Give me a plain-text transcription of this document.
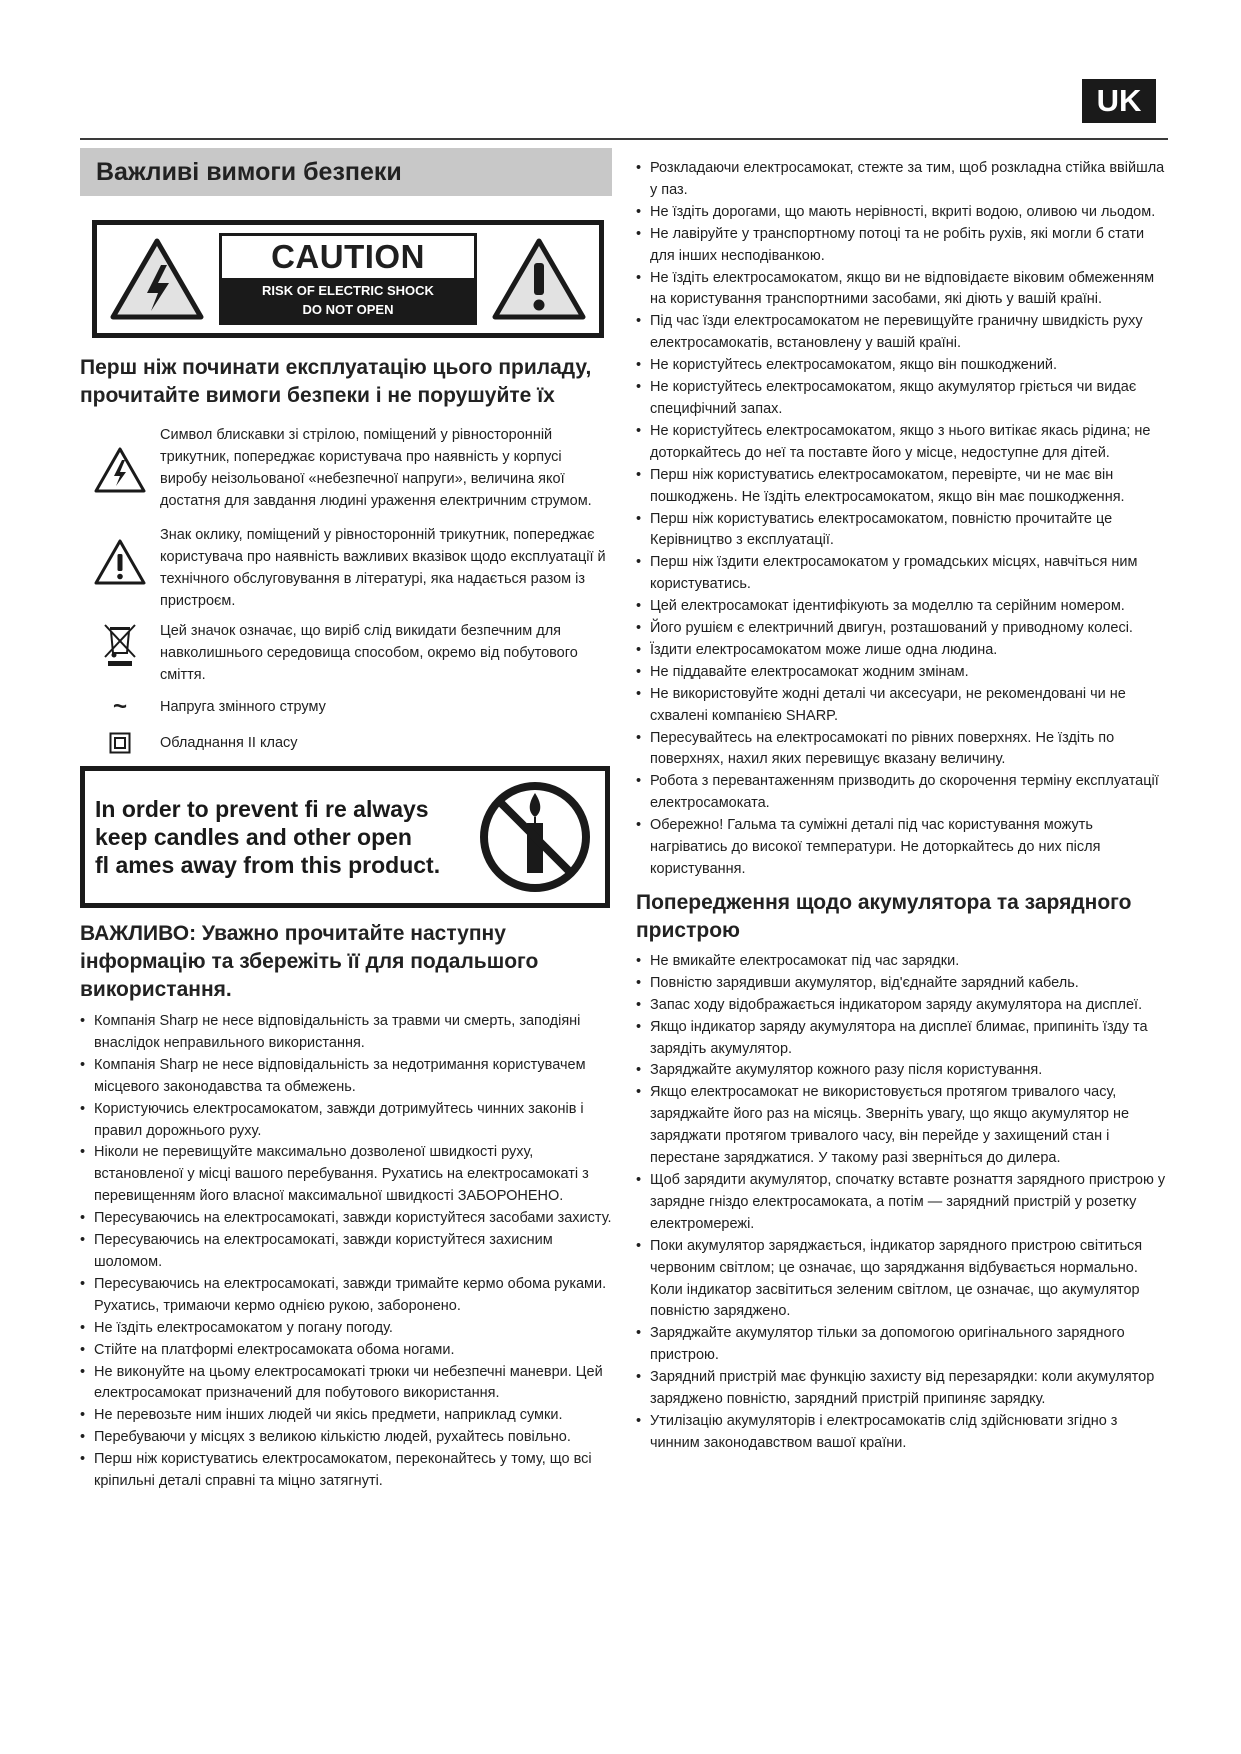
UK
Важливі вимоги безпеки
CAUTION
RISK OF ELECTRIC SHOCK
DO NOT OPEN
Перш ніж починати експлуатацію цього приладу, прочитайте вимоги безпеки і не порушуйте їх
Символ блискавки зі стрілою, поміщений у рівносторонній трикутник, попереджає користувача про наявність у корпусі виробу неізольованої «небезпечної напруги», величина якої достатня для завдання людині ураження електричним струмом.
Знак оклику, поміщений у рівносторонній трикутник, попереджає користувача про наявність важливих вказівок щодо експлуатації й технічного обслуговування в літературі, яка надається разом із пристроєм.
Цей значок означає, що виріб слід викидати безпечним для навколишнього середовища способом, окремо від побутового сміття.
~	Напруга змінного струму
Обладнання II класу
In order to prevent fi re always
keep candles and other open
fl ames away from this product.
ВАЖЛИВО: Уважно прочитайте наступну інформацію та збережіть її для подальшого використання.
• Компанія Sharp не несе відповідальність за травми чи смерть, заподіяні внаслідок неправильного використання.
• Компанія Sharp не несе відповідальність за недотримання користувачем місцевого законодавства та обмежень.
• Користуючись електросамокатом, завжди дотримуйтесь чинних законів і правил дорожнього руху.
• Ніколи не перевищуйте максимально дозволеної швидкості руху, встановленої у місці вашого перебування. Рухатись на електросамокаті з перевищенням його власної максимальної швидкості ЗАБОРОНЕНО.
• Пересуваючись на електросамокаті, завжди користуйтеся засобами захисту.
• Пересуваючись на електросамокаті, завжди користуйтеся захисним шоломом.
• Пересуваючись на електросамокаті, завжди тримайте кермо обома руками. Рухатись, тримаючи кермо однією рукою, заборонено.
• Не їздіть електросамокатом у погану погоду.
• Стійте на платформі електросамоката обома ногами.
• Не виконуйте на цьому електросамокаті трюки чи небезпечні маневри. Цей електросамокат призначений для побутового використання.
• Не перевозьте ним інших людей чи якісь предмети, наприклад сумки.
• Перебуваючи у місцях з великою кількістю людей, рухайтесь повільно.
• Перш ніж користуватись електросамокатом, переконайтесь у тому, що всі кріпильні деталі справні та міцно затягнуті.
• Розкладаючи електросамокат, стежте за тим, щоб розкладна стійка ввійшла у паз.
• Не їздіть дорогами, що мають нерівності, вкриті водою, оливою чи льодом.
• Не лавіруйте у транспортному потоці та не робіть рухів, які могли б стати для інших несподіванкою.
• Не їздіть електросамокатом, якщо ви не відповідаєте віковим обмеженням на користування транспортними засобами, які діють у вашій країні.
• Під час їзди електросамокатом не перевищуйте граничну швидкість руху електросамокатів, встановлену у вашій країні.
• Не користуйтесь електросамокатом, якщо він пошкоджений.
• Не користуйтесь електросамокатом, якщо акумулятор гріється чи видає специфічний запах.
• Не користуйтесь електросамокатом, якщо з нього витікає якась рідина; не доторкайтесь до неї та поставте його у місце, недоступне для дітей.
• Перш ніж користуватись електросамокатом, перевірте, чи не має він пошкоджень. Не їздіть електросамокатом, якщо він має пошкодження.
• Перш ніж користуватись електросамокатом, повністю прочитайте це Керівництво з експлуатації.
• Перш ніж їздити електросамокатом у громадських місцях, навчіться ним користуватись.
• Цей електросамокат ідентифікують за моделлю та серійним номером.
• Його рушієм є електричний двигун, розташований у приводному колесі.
• Їздити електросамокатом може лише одна людина.
• Не піддавайте електросамокат жодним змінам.
• Не використовуйте жодні деталі чи аксесуари, не рекомендовані чи не схвалені компанією SHARP.
• Пересувайтесь на електросамокаті по рівних поверхнях. Не їздіть по поверхнях, нахил яких перевищує вказану величину.
• Робота з перевантаженням призводить до скорочення терміну експлуатації електросамоката.
• Обережно! Гальма та суміжні деталі під час користування можуть нагріватись до високої температури. Не доторкайтесь до них після користування.
Попередження щодо акумулятора та зарядного пристрою
• Не вмикайте електросамокат під час зарядки.
• Повністю зарядивши акумулятор, від'єднайте зарядний кабель.
• Запас ходу відображається індикатором заряду акумулятора на дисплеї.
• Якщо індикатор заряду акумулятора на дисплеї блимає, припиніть їзду та зарядіть акумулятор.
• Заряджайте акумулятор кожного разу після користування.
• Якщо електросамокат не використовується протягом тривалого часу, заряджайте його раз на місяць. Зверніть увагу, що якщо акумулятор не заряджати протягом тривалого часу, він перейде у захищений стан і перестане заряджатися. У такому разі зверніться до дилера.
• Щоб зарядити акумулятор, спочатку вставте рознаття зарядного пристрою у зарядне гніздо електросамоката, а потім — зарядний пристрій у розетку електромережі.
• Поки акумулятор заряджається, індикатор зарядного пристрою світиться червоним світлом; це означає, що заряджання відбувається нормально. Коли індикатор засвітиться зеленим світлом, це означає, що акумулятор повністю заряджено.
• Заряджайте акумулятор тільки за допомогою оригінального зарядного пристрою.
• Зарядний пристрій має функцію захисту від перезарядки: коли акумулятор заряджено повністю, зарядний пристрій припиняє зарядку.
• Утилізацію акумуляторів і електросамокатів слід здійснювати згідно з чинним законодавством вашої країни.
